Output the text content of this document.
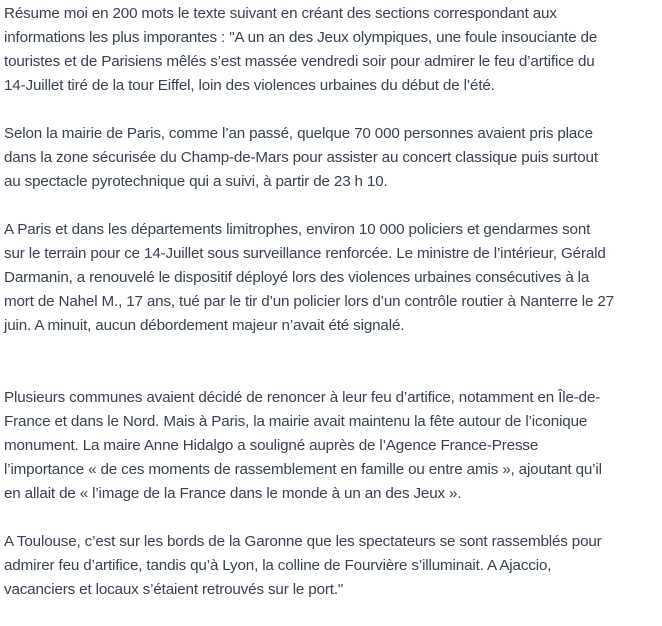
Résume moi en 200 mots le texte suivant en créant des sections correspondant aux
informations les plus imporantes : "A un an des Jeux olympiques, une foule insouciante de
touristes et de Parisiens mêlés s’est massée vendredi soir pour admirer le feu d’artifice du
14-Juillet tiré de la tour Eiffel, loin des violences urbaines du début de l’été.

Selon la mairie de Paris, comme l’an passé, quelque 70 000 personnes avaient pris place
dans la zone sécurisée du Champ-de-Mars pour assister au concert classique puis surtout
au spectacle pyrotechnique qui a suivi, à partir de 23 h 10.

A Paris et dans les départements limitrophes, environ 10 000 policiers et gendarmes sont
sur le terrain pour ce 14-Juillet sous surveillance renforcée. Le ministre de l’intérieur, Gérald
Darmanin, a renouvelé le dispositif déployé lors des violences urbaines consécutives à la
mort de Nahel M., 17 ans, tué par le tir d’un policier lors d’un contrôle routier à Nanterre le 27
juin. A minuit, aucun débordement majeur n’avait été signalé.

Plusieurs communes avaient décidé de renoncer à leur feu d’artifice, notamment en Île-de-
France et dans le Nord. Mais à Paris, la mairie avait maintenu la fête autour de l’iconique
monument. La maire Anne Hidalgo a souligné auprès de l’Agence France-Presse
l’importance « de ces moments de rassemblement en famille ou entre amis », ajoutant qu’il
en allait de « l’image de la France dans le monde à un an des Jeux ».

A Toulouse, c’est sur les bords de la Garonne que les spectateurs se sont rassemblés pour
admirer feu d’artifice, tandis qu’à Lyon, la colline de Fourvière s’illuminait. A Ajaccio,
vacanciers et locaux s’étaient retrouvés sur le port."
